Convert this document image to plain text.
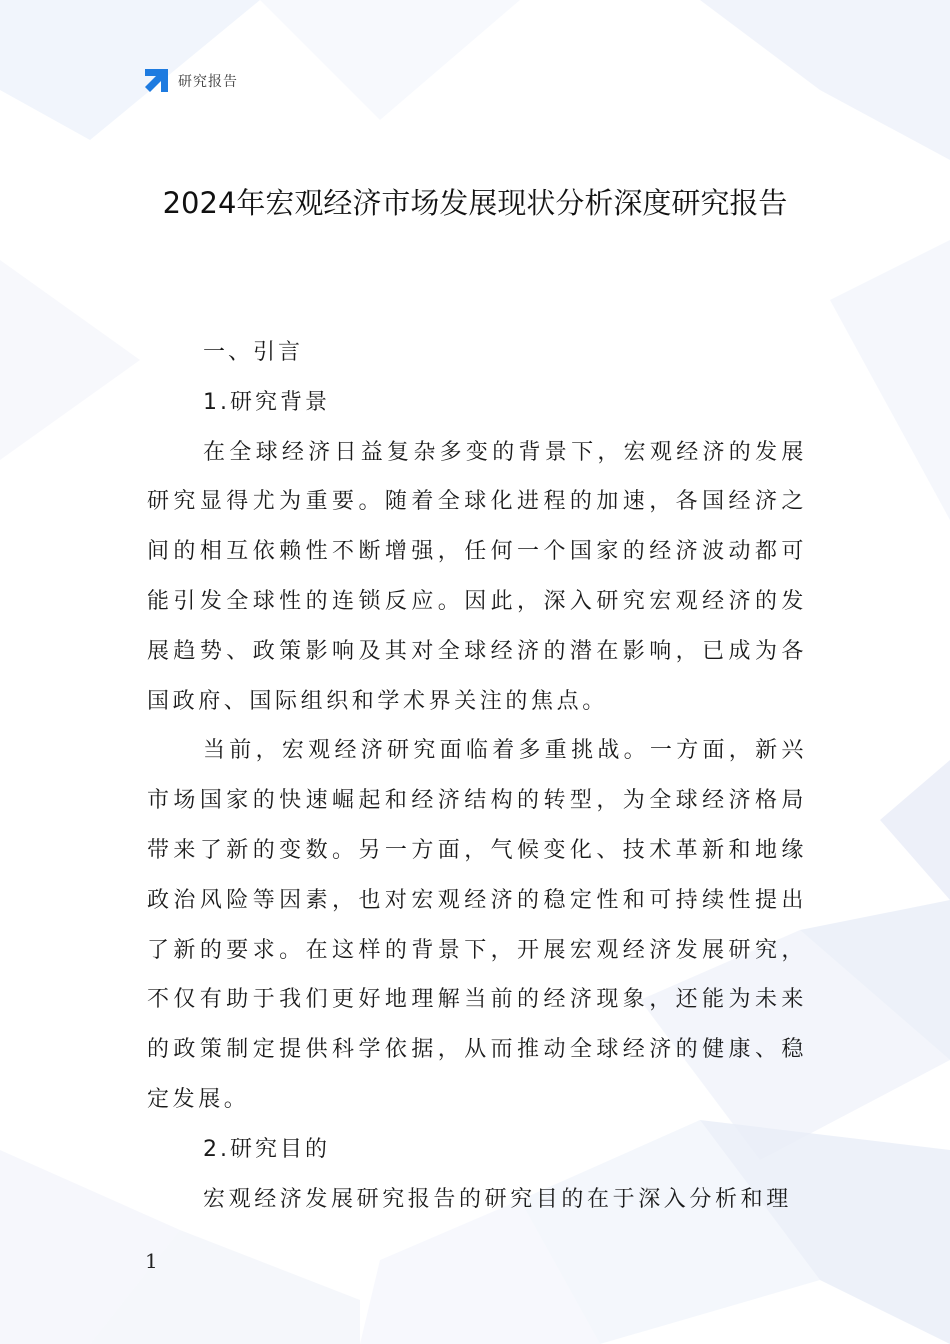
研究报告
2024年宏观经济市场发展现状分析深度研究报告

一、引言

1.研究背景

在全球经济日益复杂多变的背景下，宏观经济的发展研究显得尤为重要。随着全球化进程的加速，各国经济之间的相互依赖性不断增强，任何一个国家的经济波动都可能引发全球性的连锁反应。因此，深入研究宏观经济的发展趋势、政策影响及其对全球经济的潜在影响，已成为各国政府、国际组织和学术界关注的焦点。

当前，宏观经济研究面临着多重挑战。一方面，新兴市场国家的快速崛起和经济结构的转型，为全球经济格局带来了新的变数。另一方面，气候变化、技术革新和地缘政治风险等因素，也对宏观经济的稳定性和可持续性提出了新的要求。在这样的背景下，开展宏观经济发展研究，不仅有助于我们更好地理解当前的经济现象，还能为未来的政策制定提供科学依据，从而推动全球经济的健康、稳定发展。

2.研究目的

宏观经济发展研究报告的研究目的在于深入分析和理

1
